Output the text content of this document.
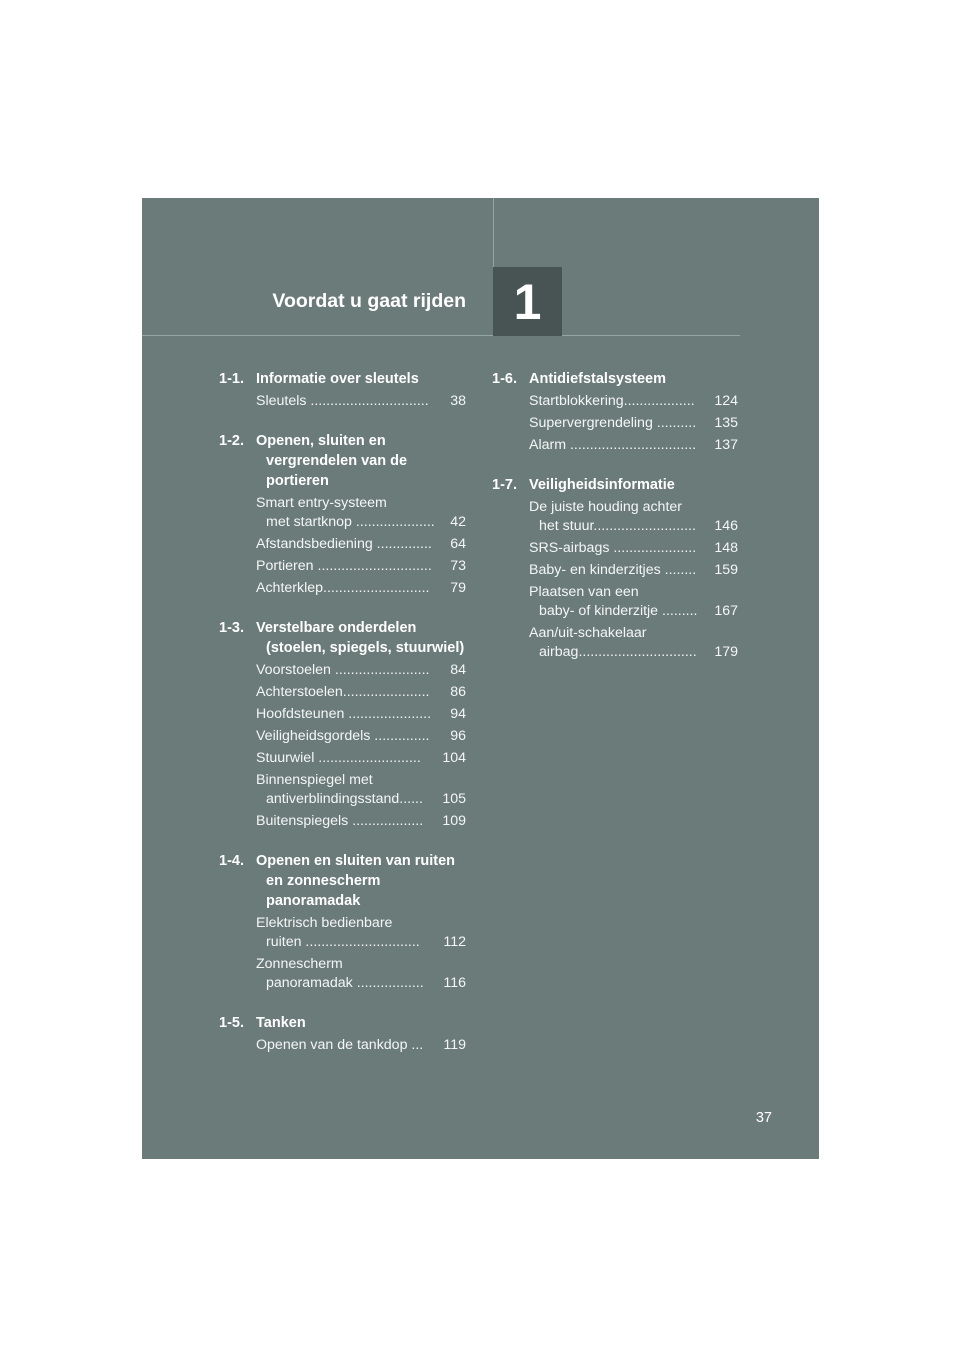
Voordat u gaat rijden 1
1-1. Informatie over sleutels
Sleutels ..............................	38
1-2. Openen, sluiten en vergrendelen van de portieren
Smart entry-systeem
met startknop ....................	42
Afstandsbediening ..............	64
Portieren .............................	73
Achterklep...........................	79
1-3. Verstelbare onderdelen (stoelen, spiegels, stuurwiel)
Voorstoelen ........................	84
Achterstoelen......................	86
Hoofdsteunen .....................	94
Veiligheidsgordels ..............	96
Stuurwiel ..........................	104
Binnenspiegel met
antiverblindingsstand......	105
Buitenspiegels ..................	109
1-4. Openen en sluiten van ruiten en zonnescherm panoramadak
Elektrisch bedienbare
ruiten .............................	112
Zonnescherm
panoramadak .................	116
1-5. Tanken
Openen van de tankdop ...	119
1-6. Antidiefstalsysteem
Startblokkering..................	124
Supervergrendeling ..........	135
Alarm ................................	137
1-7. Veiligheidsinformatie
De juiste houding achter
het stuur..........................	146
SRS-airbags .....................	148
Baby- en kinderzitjes ........	159
Plaatsen van een
baby- of kinderzitje .........	167
Aan/uit-schakelaar
airbag..............................	179
37
